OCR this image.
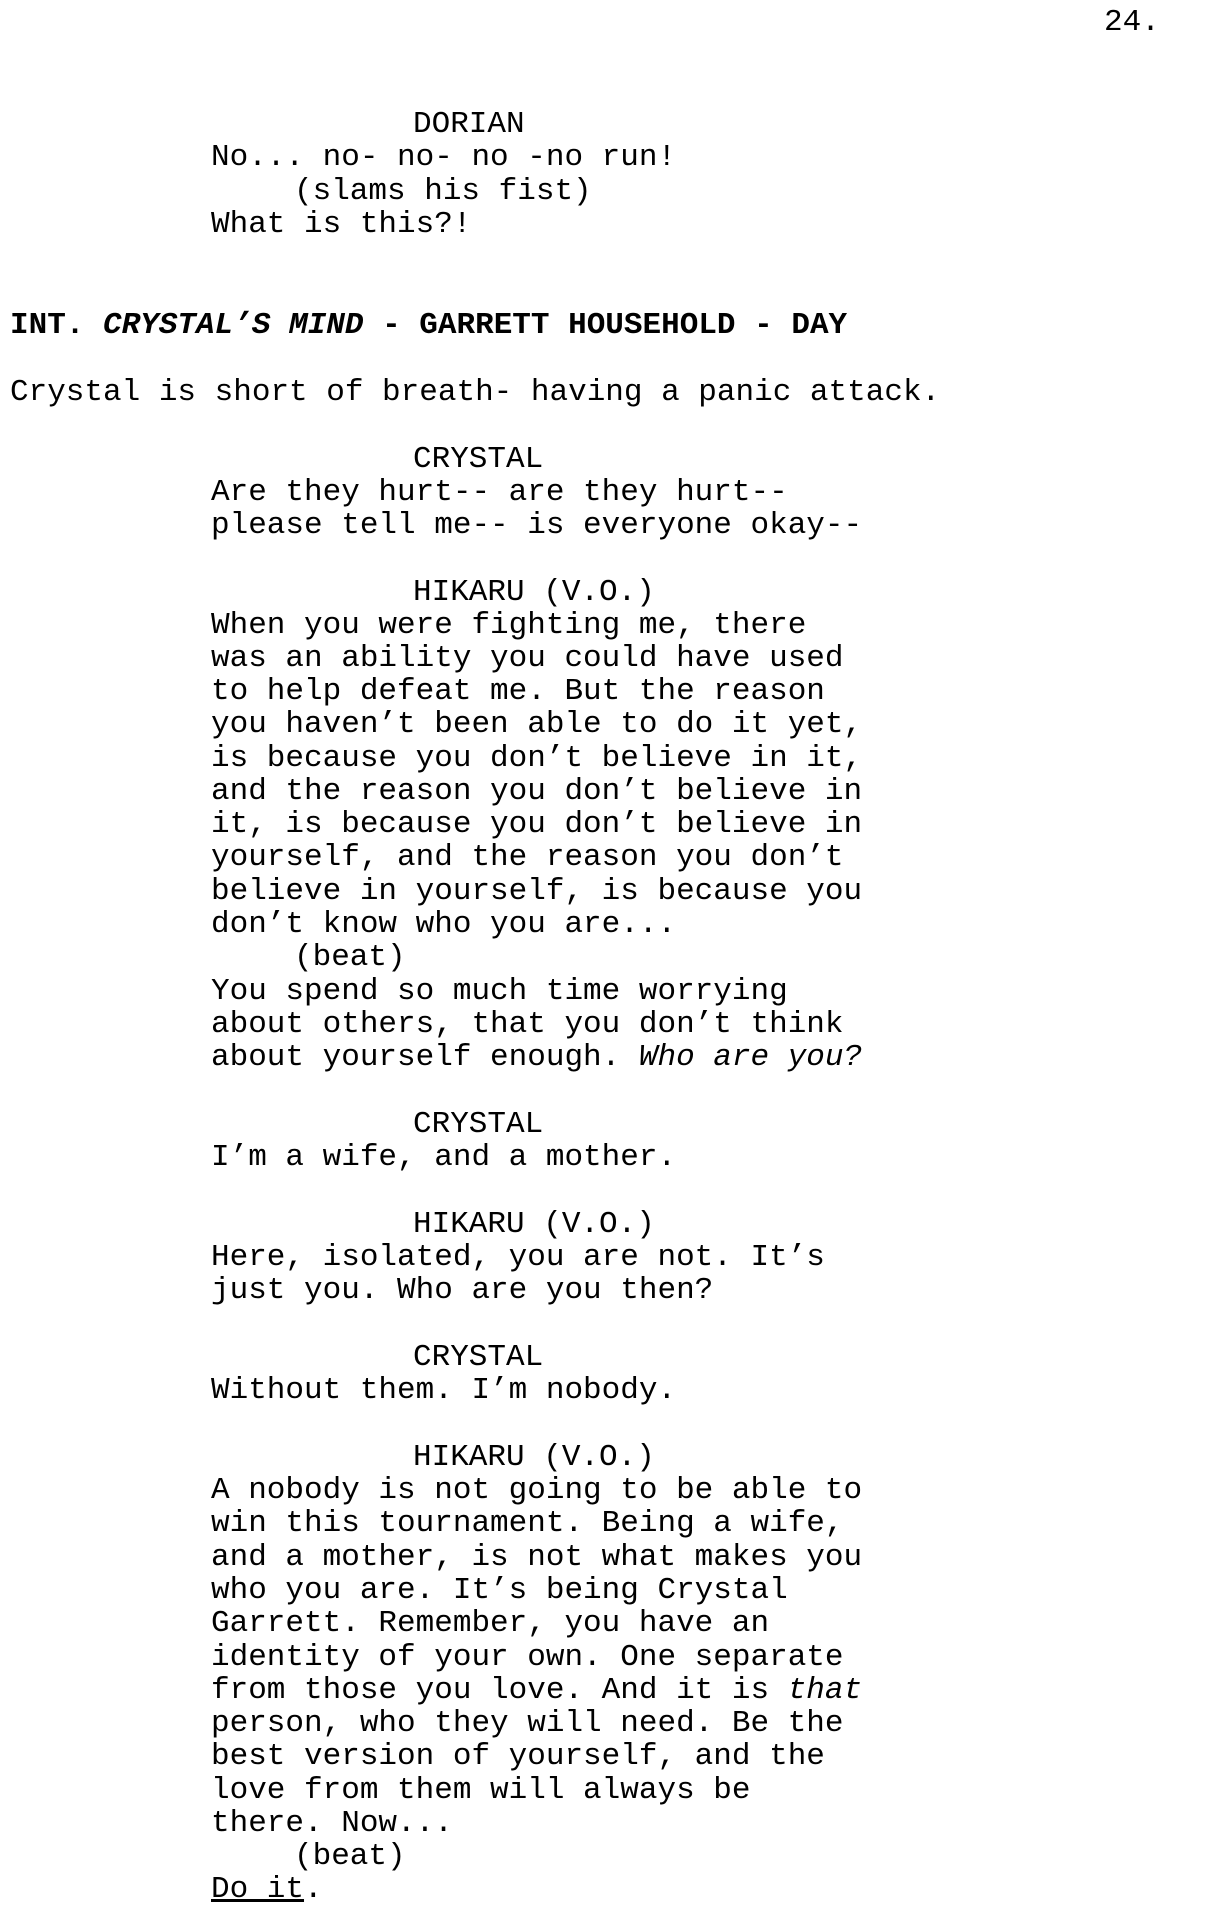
24.
DORIAN
No... no- no- no -no run!
(slams his fist)
What is this?!
INT. CRYSTAL’S MIND - GARRETT HOUSEHOLD - DAY
Crystal is short of breath- having a panic attack.
CRYSTAL
Are they hurt-- are they hurt--
please tell me-- is everyone okay--
HIKARU (V.O.)
When you were fighting me, there
was an ability you could have used
to help defeat me. But the reason
you haven’t been able to do it yet,
is because you don’t believe in it,
and the reason you don’t believe in
it, is because you don’t believe in
yourself, and the reason you don’t
believe in yourself, is because you
don’t know who you are...
(beat)
You spend so much time worrying
about others, that you don’t think
about yourself enough. Who are you?
CRYSTAL
I’m a wife, and a mother.
HIKARU (V.O.)
Here, isolated, you are not. It’s
just you. Who are you then?
CRYSTAL
Without them. I’m nobody.
HIKARU (V.O.)
A nobody is not going to be able to
win this tournament. Being a wife,
and a mother, is not what makes you
who you are. It’s being Crystal
Garrett. Remember, you have an
identity of your own. One separate
from those you love. And it is that
person, who they will need. Be the
best version of yourself, and the
love from them will always be
there. Now...
(beat)
Do it.
